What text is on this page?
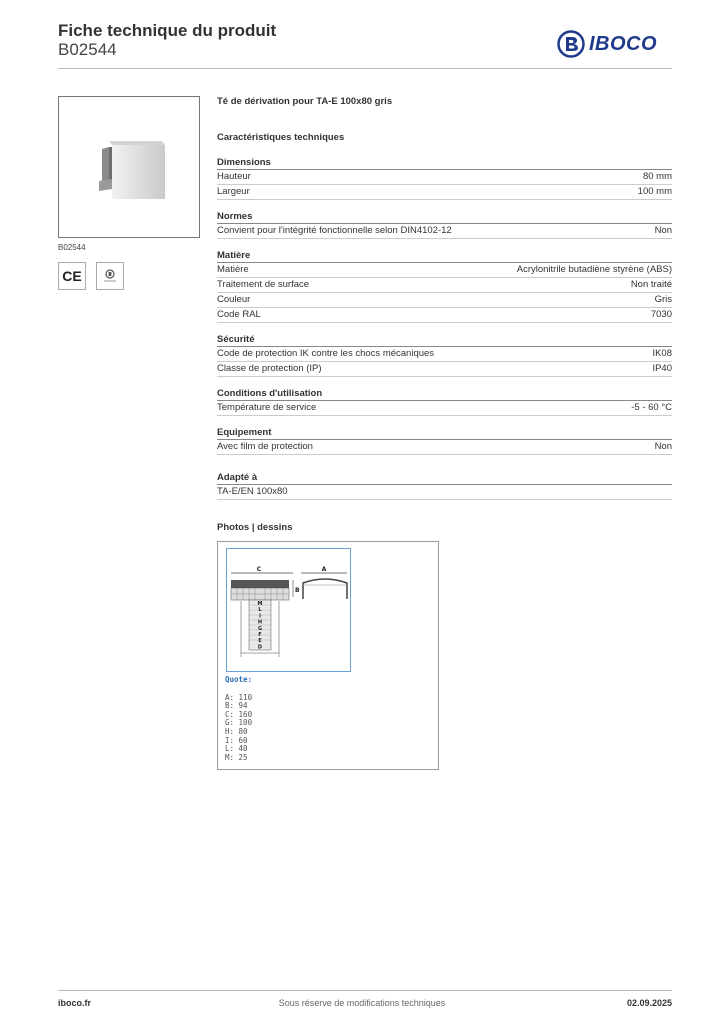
Fiche technique du produit
B02544	IBOCO
B02544
CE
Té de dérivation pour TA-E 100x80 gris
Caractéristiques techniques
Dimensions
Hauteur	80 mm
Largeur	100 mm
Normes
Convient pour l'intégrité fonctionnelle selon DIN4102-12	Non
Matière
Matière	Acrylonitrile butadiène styrène (ABS)
Traitement de surface	Non traité
Couleur	Gris
Code RAL	7030
Sécurité
Code de protection IK contre les chocs mécaniques	IK08
Classe de protection (IP)	IP40
Conditions d'utilisation
Température de service	-5 - 60 °C
Equipement
Avec film de protection	Non
Adapté à
TA-E/EN 100x80
Photos | dessins
C	A
B
M
L
I
H
G
F
E
D
Quote:
A: 110
B: 94
C: 160
G: 100
H: 80
I: 60
L: 40
M: 25
iboco.fr	Sous réserve de modifications techniques	02.09.2025
